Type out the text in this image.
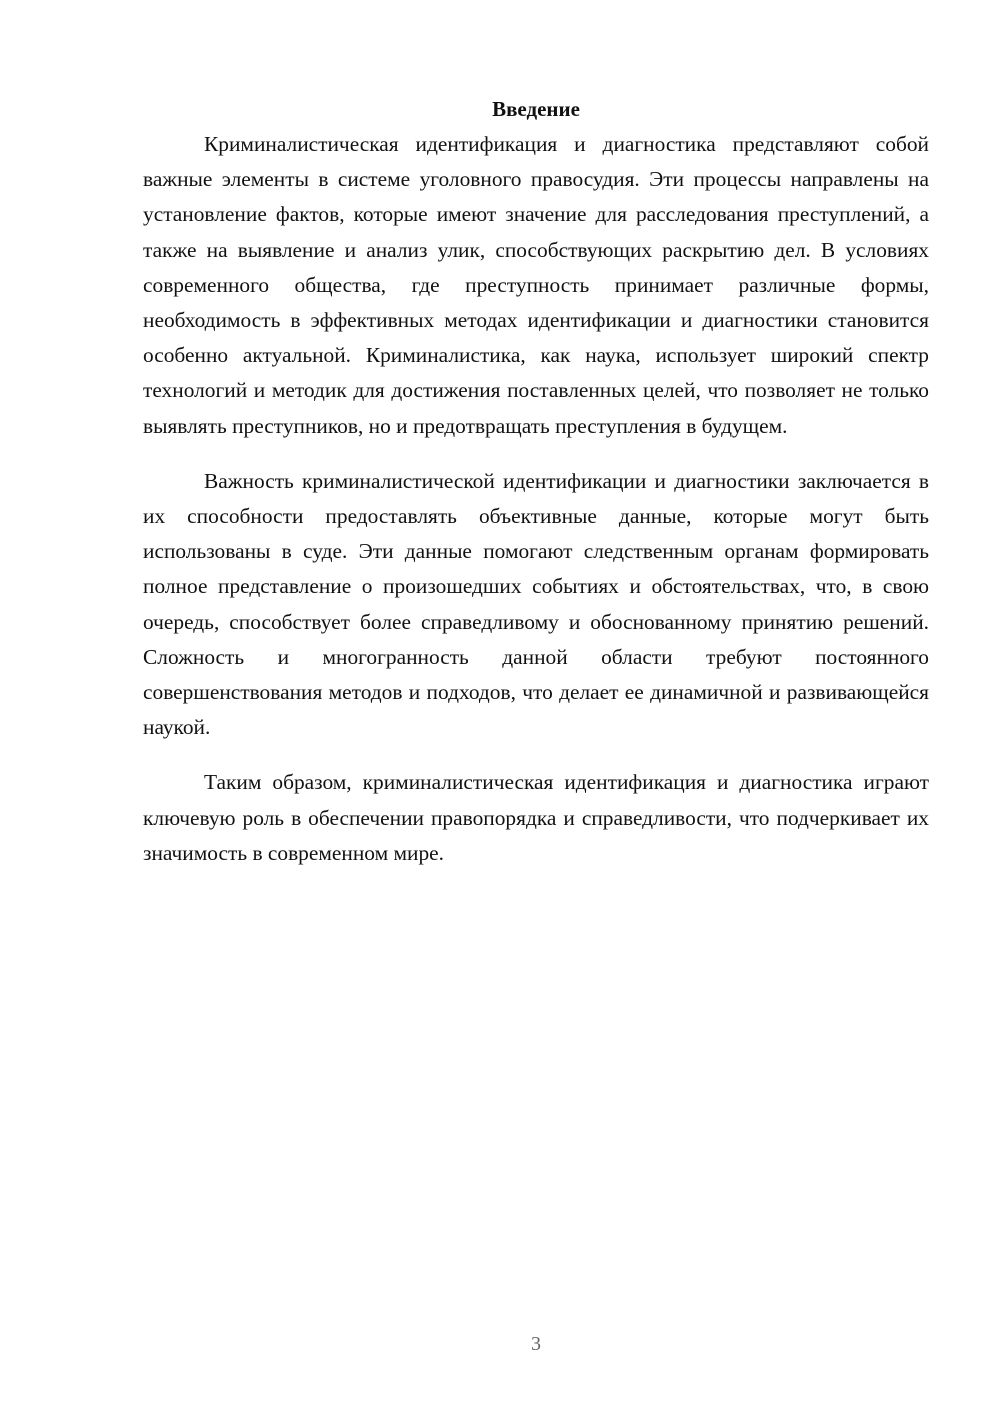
Введение

Криминалистическая идентификация и диагностика представляют собой важные элементы в системе уголовного правосудия. Эти процессы направлены на установление фактов, которые имеют значение для расследования преступлений, а также на выявление и анализ улик, способствующих раскрытию дел. В условиях современного общества, где преступность принимает различные формы, необходимость в эффективных методах идентификации и диагностики становится особенно актуальной. Криминалистика, как наука, использует широкий спектр технологий и методик для достижения поставленных целей, что позволяет не только выявлять преступников, но и предотвращать преступления в будущем.

Важность криминалистической идентификации и диагностики заключается в их способности предоставлять объективные данные, которые могут быть использованы в суде. Эти данные помогают следственным органам формировать полное представление о произошедших событиях и обстоятельствах, что, в свою очередь, способствует более справедливому и обоснованному принятию решений. Сложность и многогранность данной области требуют постоянного совершенствования методов и подходов, что делает ее динамичной и развивающейся наукой.

Таким образом, криминалистическая идентификация и диагностика играют ключевую роль в обеспечении правопорядка и справедливости, что подчеркивает их значимость в современном мире.

3
